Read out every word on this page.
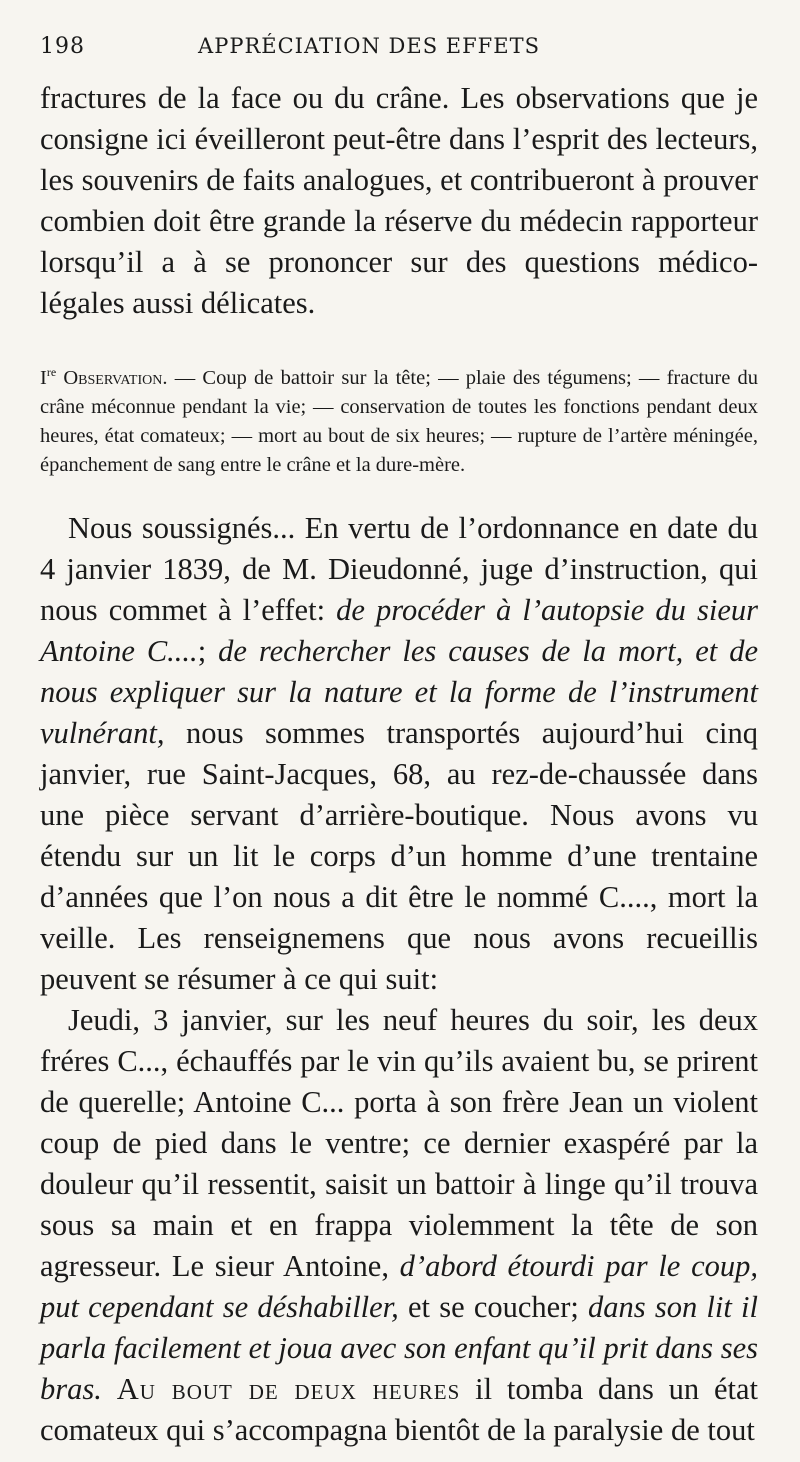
198	APPRÉCIATION DES EFFETS

fractures de la face ou du crâne. Les observations que je consigne ici éveilleront peut-être dans l’esprit des lecteurs, les souvenirs de faits analogues, et contribueront à prouver combien doit être grande la réserve du médecin rapporteur lorsqu’il a à se prononcer sur des questions médico-légales aussi délicates.

Ire Observation. — Coup de battoir sur la tête; — plaie des tégumens; — fracture du crâne méconnue pendant la vie; — conservation de toutes les fonctions pendant deux heures, état comateux; — mort au bout de six heures; — rupture de l’artère méningée, épanchement de sang entre le crâne et la dure-mère.

Nous soussignés... En vertu de l’ordonnance en date du 4 janvier 1839, de M. Dieudonné, juge d’instruction, qui nous commet à l’effet: de procéder à l’autopsie du sieur Antoine C....; de rechercher les causes de la mort, et de nous expliquer sur la nature et la forme de l’instrument vulnérant, nous sommes transportés aujourd’hui cinq janvier, rue Saint-Jacques, 68, au rez-de-chaussée dans une pièce servant d’arrière-boutique. Nous avons vu étendu sur un lit le corps d’un homme d’une trentaine d’années que l’on nous a dit être le nommé C...., mort la veille. Les renseignemens que nous avons recueillis peuvent se résumer à ce qui suit:

Jeudi, 3 janvier, sur les neuf heures du soir, les deux fréres C..., échauffés par le vin qu’ils avaient bu, se prirent de querelle; Antoine C... porta à son frère Jean un violent coup de pied dans le ventre; ce dernier exaspéré par la douleur qu’il ressentit, saisit un battoir à linge qu’il trouva sous sa main et en frappa violemment la tête de son agresseur. Le sieur Antoine, d’abord étourdi par le coup, put cependant se déshabiller, et se coucher; dans son lit il parla facilement et joua avec son enfant qu’il prit dans ses bras. Au bout de deux heures il tomba dans un état comateux qui s’accompagna bientôt de la paralysie de tout
